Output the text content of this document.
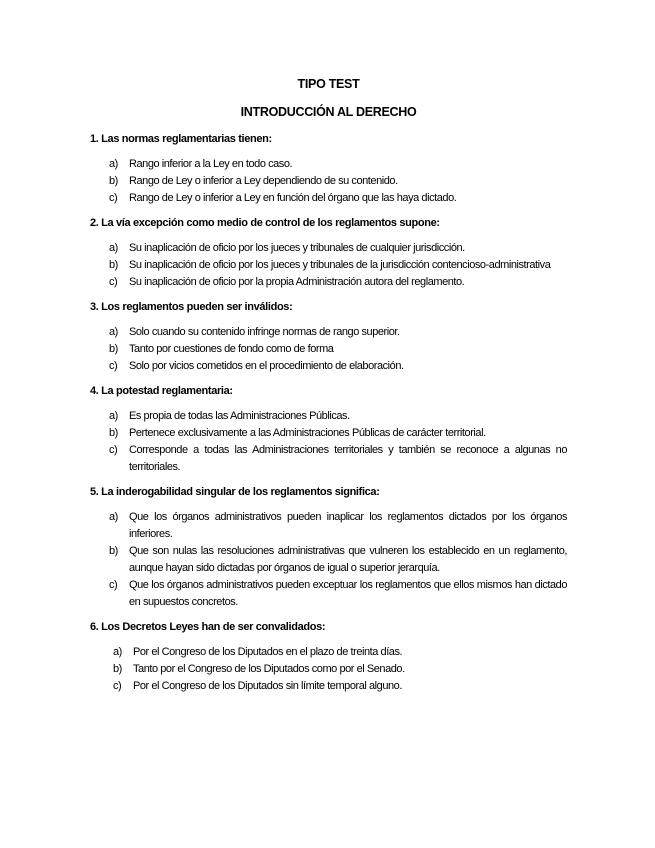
TIPO TEST
INTRODUCCIÓN AL DERECHO

1. Las normas reglamentarias tienen:

a) Rango inferior a la Ley en todo caso.
b) Rango de Ley o inferior a Ley dependiendo de su contenido.
c) Rango de Ley o inferior a Ley en función del órgano que las haya dictado.

2. La vía excepción como medio de control de los reglamentos supone:

a) Su inaplicación de oficio por los jueces y tribunales de cualquier jurisdicción.
b) Su inaplicación de oficio por los jueces y tribunales de la jurisdicción contencioso-administrativa
c) Su inaplicación de oficio por la propia Administración autora del reglamento.

3. Los reglamentos pueden ser inválidos:

a) Solo cuando su contenido infringe normas de rango superior.
b) Tanto por cuestiones de fondo como de forma
c) Solo por vicios cometidos en el procedimiento de elaboración.

4. La potestad reglamentaria:

a) Es propia de todas las Administraciones Públicas.
b) Pertenece exclusivamente a las Administraciones Públicas de carácter territorial.
c) Corresponde a todas las Administraciones territoriales y también se reconoce a algunas no territoriales.

5. La inderogabilidad singular de los reglamentos significa:

a) Que los órganos administrativos pueden inaplicar los reglamentos dictados por los órganos inferiores.
b) Que son nulas las resoluciones administrativas que vulneren los establecido en un reglamento, aunque hayan sido dictadas por órganos de igual o superior jerarquía.
c) Que los órganos administrativos pueden exceptuar los reglamentos que ellos mismos han dictado en supuestos concretos.

6. Los Decretos Leyes han de ser convalidados:

a) Por el Congreso de los Diputados en el plazo de treinta días.
b) Tanto por el Congreso de los Diputados como por el Senado.
c) Por el Congreso de los Diputados sin límite temporal alguno.
